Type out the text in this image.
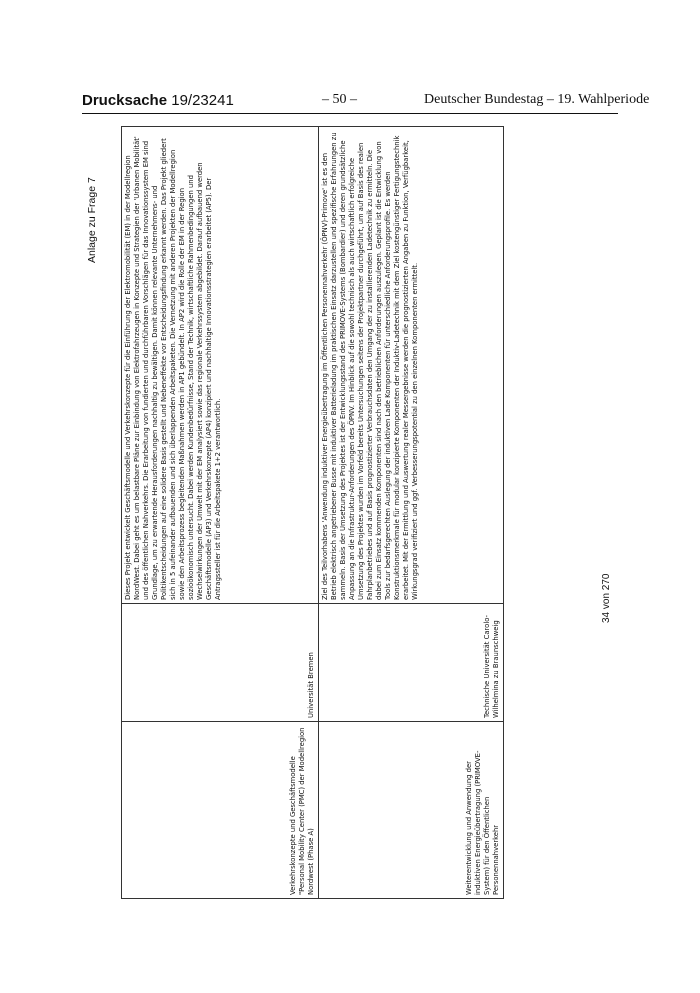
Drucksache 19/23241	– 50 –	Deutscher Bundestag – 19. Wahlperiode
Anlage zu Frage 7
Verkehrskonzepte und Geschäftsmodelle "Personal Mobility Center (PMC) der Modellregion Nordwest (Phase A)	Universität Bremen	Dieses Projekt entwickelt Geschäftsmodelle und Verkehrskonzepte für die Einführung der Elektromobilität (EM) in der Modellregion NordWest. Dabei geht es um belastbare Pläne zur Einbindung von Elektrofahrzeugen in Konzepte und Strategien der 'Urbanen Mobilität' und des öffentlichen Nahverkehrs. Die Erarbeitung von fundierten und durchführbaren Vorschlägen für das Innovationssystem EM sind Grundlage, um zu erwartende Herausforderungen nachhaltig zu bewältigen. Damit können relevante Unternehmens- und Politikentscheidungen auf eine solidere Basis gestellt und Nebeneffekte vor Entscheidungsfindung erkannt werden. Das Projekt gliedert sich in 5 aufeinander aufbauenden und sich überlappenden Arbeitspaketen. Die Vernetzung mit anderen Projekten der Modellregion sowie den Arbeitsprozess begleitenden Maßnahmen werden in AP1 gebündelt. In AP2 wird die Rolle der EM in der Region sozioökonomisch untersucht. Dabei werden Kundenbedürfnisse, Stand der Technik, wirtschaftliche Rahmenbedingungen und Wechselwirkungen der Umwelt mit der EM analysiert sowie das regionale Verkehrssystem abgebildet. Darauf aufbauend werden Geschäftsmodelle (AP3) und Verkehrskonzepte (AP4) konzipiert und nachhaltige Innovationsstrategien erarbeitet (AP5). Der Antragssteller ist für die Arbeitspakete 1+2 verantwortlich.

Weiterentwicklung und Anwendung der induktiven Energieübertragung (PRIMOVE-System) für den Öffentlichen Personennahverkehr	Technische Universität Carolo-Wilhelmina zu Braunschweig	Ziel des Teilvorhabens 'Anwendung induktiver Energieübertragung im Öffentlichen Personennahverkehr (ÖPNV)-Primove' ist es den Betrieb elektrisch angetriebener Busse mit induktiver Batterieladung im praktischen Einsatz darzustellen und spezifische Erfahrungen zu sammeln. Basis der Umsetzung des Projektes ist der Entwicklungsstand des PRIMOVE-Systems (Bombardier) und deren grundsätzliche Anpassung an die Infrastruktur-Anforderungen des ÖPNV. Im Hinblick auf die sowohl technisch als auch wirtschaftlich erfolgreiche Umsetzung des Projektes wurden im Vorfeld bereits Untersuchungen seitens der Projektpartner durchgeführt, um auf Basis des realen Fahrplanbetriebes und auf Basis prognostizierter Verbrauchsdaten den Umgang der zu installierenden Ladetechnik zu ermitteln. Die dabei zum Einsatz kommenden Komponenten sind nach den betrieblichen Anforderungen auszulegen. Geplant ist die Entwicklung von Tools zur bedarfsgerechten Auslegung der induktiven Lade Komponenten für unterschiedliche Anforderungsprofile. Es werden Konstruktionsmerkmale für modular konzipierte Komponenten der Induktiv-Ladetechnik mit dem Ziel kostengünstiger Fertigungstechnik erarbeitet. Mit der Ermittlung und Auswertung realer Messergebnisse werden die prognostizierten Angaben zu Funktion, Verfügbarkeit, Wirkungsgrad verifiziert und ggf. Verbesserungspotential zu den einzelnen Komponenten ermittelt.	34 von 270
